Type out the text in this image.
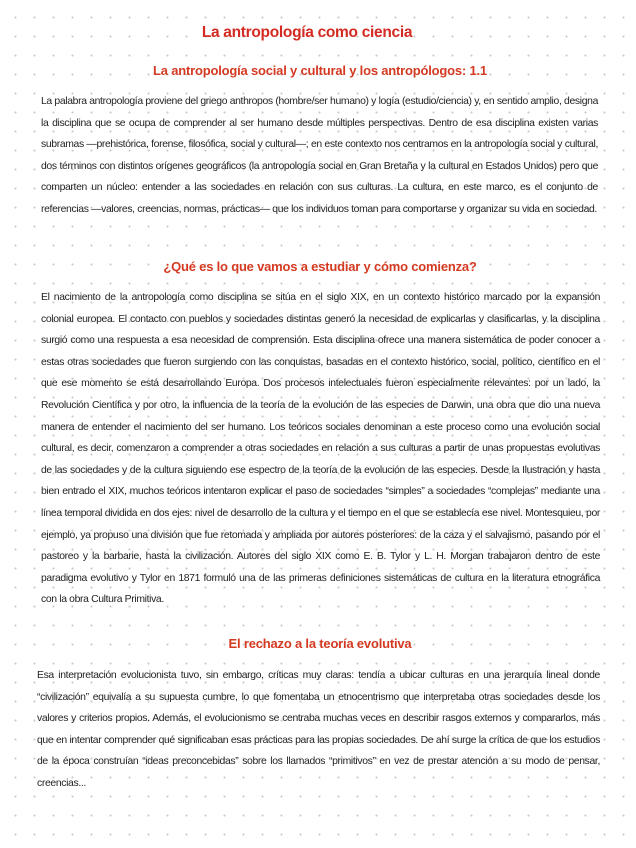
La antropología como ciencia
La antropología social y cultural y los antropólogos: 1.1

La palabra antropología proviene del griego anthropos (hombre/ser humano) y logía (estudio/ciencia) y, en sentido amplio, designa la disciplina que se ocupa de comprender al ser humano desde múltiples perspectivas. Dentro de esa disciplina existen varias subramas —prehistórica, forense, filosófica, social y cultural—; en este contexto nos centramos en la antropología social y cultural, dos términos con distintos orígenes geográficos (la antropología social en Gran Bretaña y la cultural en Estados Unidos) pero que comparten un núcleo: entender a las sociedades en relación con sus culturas. La cultura, en este marco, es el conjunto de referencias —valores, creencias, normas, prácticas— que los individuos toman para comportarse y organizar su vida en sociedad.

¿Qué es lo que vamos a estudiar y cómo comienza?

El nacimiento de la antropología como disciplina se sitúa en el siglo XIX, en un contexto histórico marcado por la expansión colonial europea. El contacto con pueblos y sociedades distintas generó la necesidad de explicarlas y clasificarlas, y la disciplina surgió como una respuesta a esa necesidad de comprensión. Esta disciplina ofrece una manera sistemática de poder conocer a estas otras sociedades que fueron surgiendo con las conquistas, basadas en el contexto histórico, social, político, científico en el que ese momento se está desarrollando Europa. Dos procesos intelectuales fueron especialmente relevantes: por un lado, la Revolución Científica y por otro, la influencia de la teoría de la evolución de las especies de Darwin, una obra que dio una nueva manera de entender el nacimiento del ser humano. Los teóricos sociales denominan a este proceso como una evolución social cultural, es decir, comenzaron a comprender a otras sociedades en relación a sus culturas a partir de unas propuestas evolutivas de las sociedades y de la cultura siguiendo ese espectro de la teoría de la evolución de las especies. Desde la Ilustración y hasta bien entrado el XIX, muchos teóricos intentaron explicar el paso de sociedades “simples” a sociedades “complejas” mediante una línea temporal dividida en dos ejes: nivel de desarrollo de la cultura y el tiempo en el que se establecía ese nivel. Montesquieu, por ejemplo, ya propuso una división que fue retomada y ampliada por autores posteriores: de la caza y el salvajismo, pasando por el pastoreo y la barbarie, hasta la civilización. Autores del siglo XIX como E. B. Tylor y L. H. Morgan trabajaron dentro de este paradigma evolutivo y Tylor en 1871 formuló una de las primeras definiciones sistemáticas de cultura en la literatura etnográfica con la obra Cultura Primitiva.

El rechazo a la teoría evolutiva

Esa interpretación evolucionista tuvo, sin embargo, críticas muy claras: tendía a ubicar culturas en una jerarquía lineal donde “civilización” equivalía a su supuesta cumbre, lo que fomentaba un etnocentrismo que interpretaba otras sociedades desde los valores y criterios propios. Además, el evolucionismo se centraba muchas veces en describir rasgos externos y compararlos, más que en intentar comprender qué significaban esas prácticas para las propias sociedades. De ahí surge la crítica de que los estudios de la época construían “ideas preconcebidas” sobre los llamados “primitivos” en vez de prestar atención a su modo de pensar, creencias...
